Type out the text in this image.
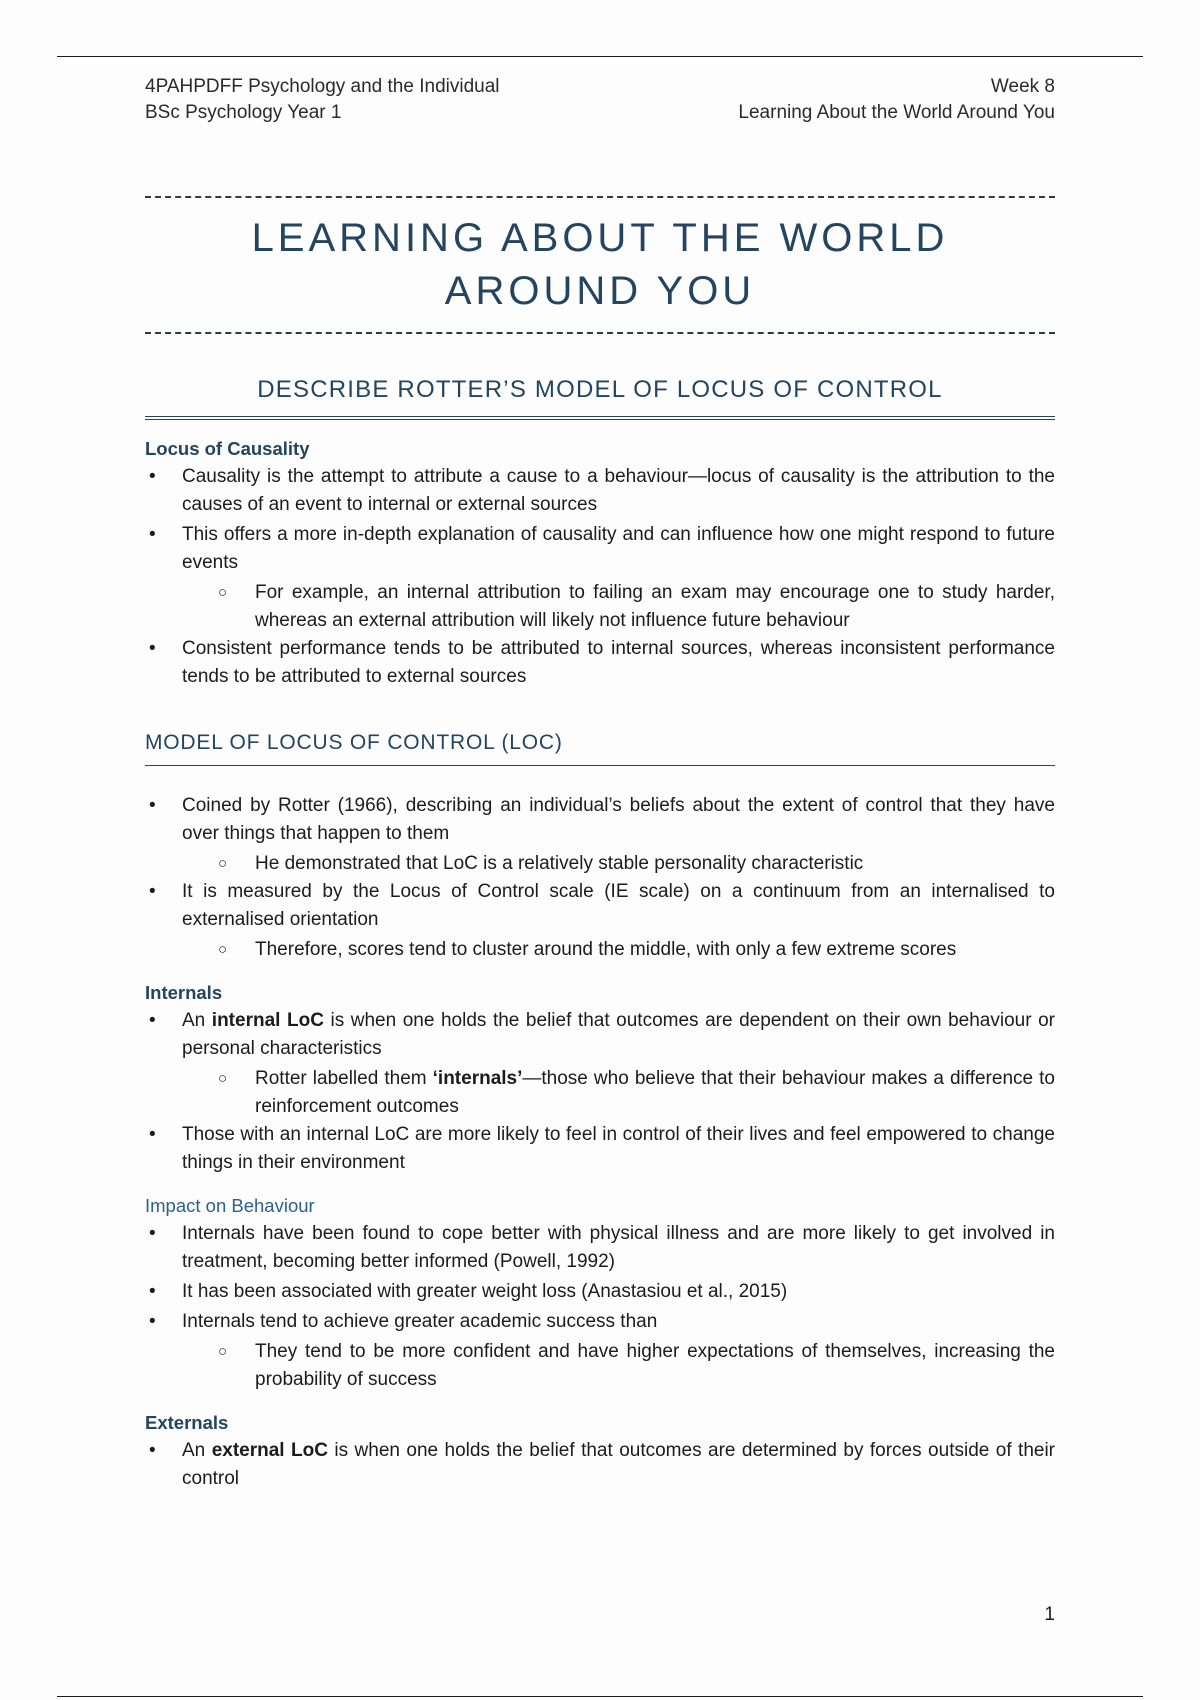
4PAHPDFF Psychology and the Individual
BSc Psychology Year 1
Week 8
Learning About the World Around You
LEARNING ABOUT THE WORLD
AROUND YOU
DESCRIBE ROTTER’S MODEL OF LOCUS OF CONTROL
Locus of Causality
• Causality is the attempt to attribute a cause to a behaviour—locus of causality is the attribution to the causes of an event to internal or external sources
• This offers a more in-depth explanation of causality and can influence how one might respond to future events
○	For example, an internal attribution to failing an exam may encourage one to study harder, whereas an external attribution will likely not influence future behaviour
• Consistent performance tends to be attributed to internal sources, whereas inconsistent performance tends to be attributed to external sources
MODEL OF LOCUS OF CONTROL (LOC)
• Coined by Rotter (1966), describing an individual’s beliefs about the extent of control that they have over things that happen to them
○	He demonstrated that LoC is a relatively stable personality characteristic
• It is measured by the Locus of Control scale (IE scale) on a continuum from an internalised to externalised orientation
○	Therefore, scores tend to cluster around the middle, with only a few extreme scores
Internals
• An internal LoC is when one holds the belief that outcomes are dependent on their own behaviour or personal characteristics
○	Rotter labelled them ‘internals’—those who believe that their behaviour makes a difference to reinforcement outcomes
• Those with an internal LoC are more likely to feel in control of their lives and feel empowered to change things in their environment
Impact on Behaviour
• Internals have been found to cope better with physical illness and are more likely to get involved in treatment, becoming better informed (Powell, 1992)
• It has been associated with greater weight loss (Anastasiou et al., 2015)
• Internals tend to achieve greater academic success than
○	They tend to be more confident and have higher expectations of themselves, increasing the probability of success
Externals
• An external LoC is when one holds the belief that outcomes are determined by forces outside of their control
1
